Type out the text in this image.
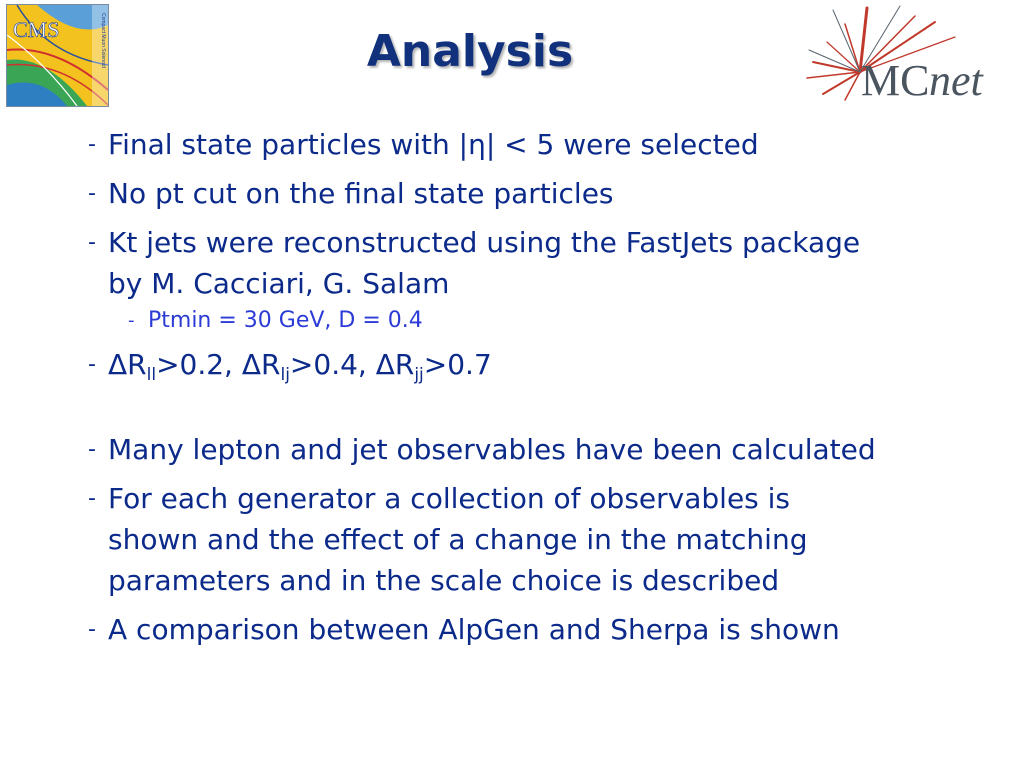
CMS	Compact Muon Solenoid	Analysis
MC net
- Final state particles with |η| < 5 were selected
- No pt cut on the final state particles
- Kt jets were reconstructed using the FastJets package
by M. Cacciari, G. Salam
- Ptmin = 30 GeV, D = 0.4
- $\Delta R_{ll}>0.2$, $\Delta R_{lj}>0.4$, $\Delta R_{jj}>0.7$
- Many lepton and jet observables have been calculated
- For each generator a collection of observables is
shown and the effect of a change in the matching
parameters and in the scale choice is described
- A comparison between AlpGen and Sherpa is shown
